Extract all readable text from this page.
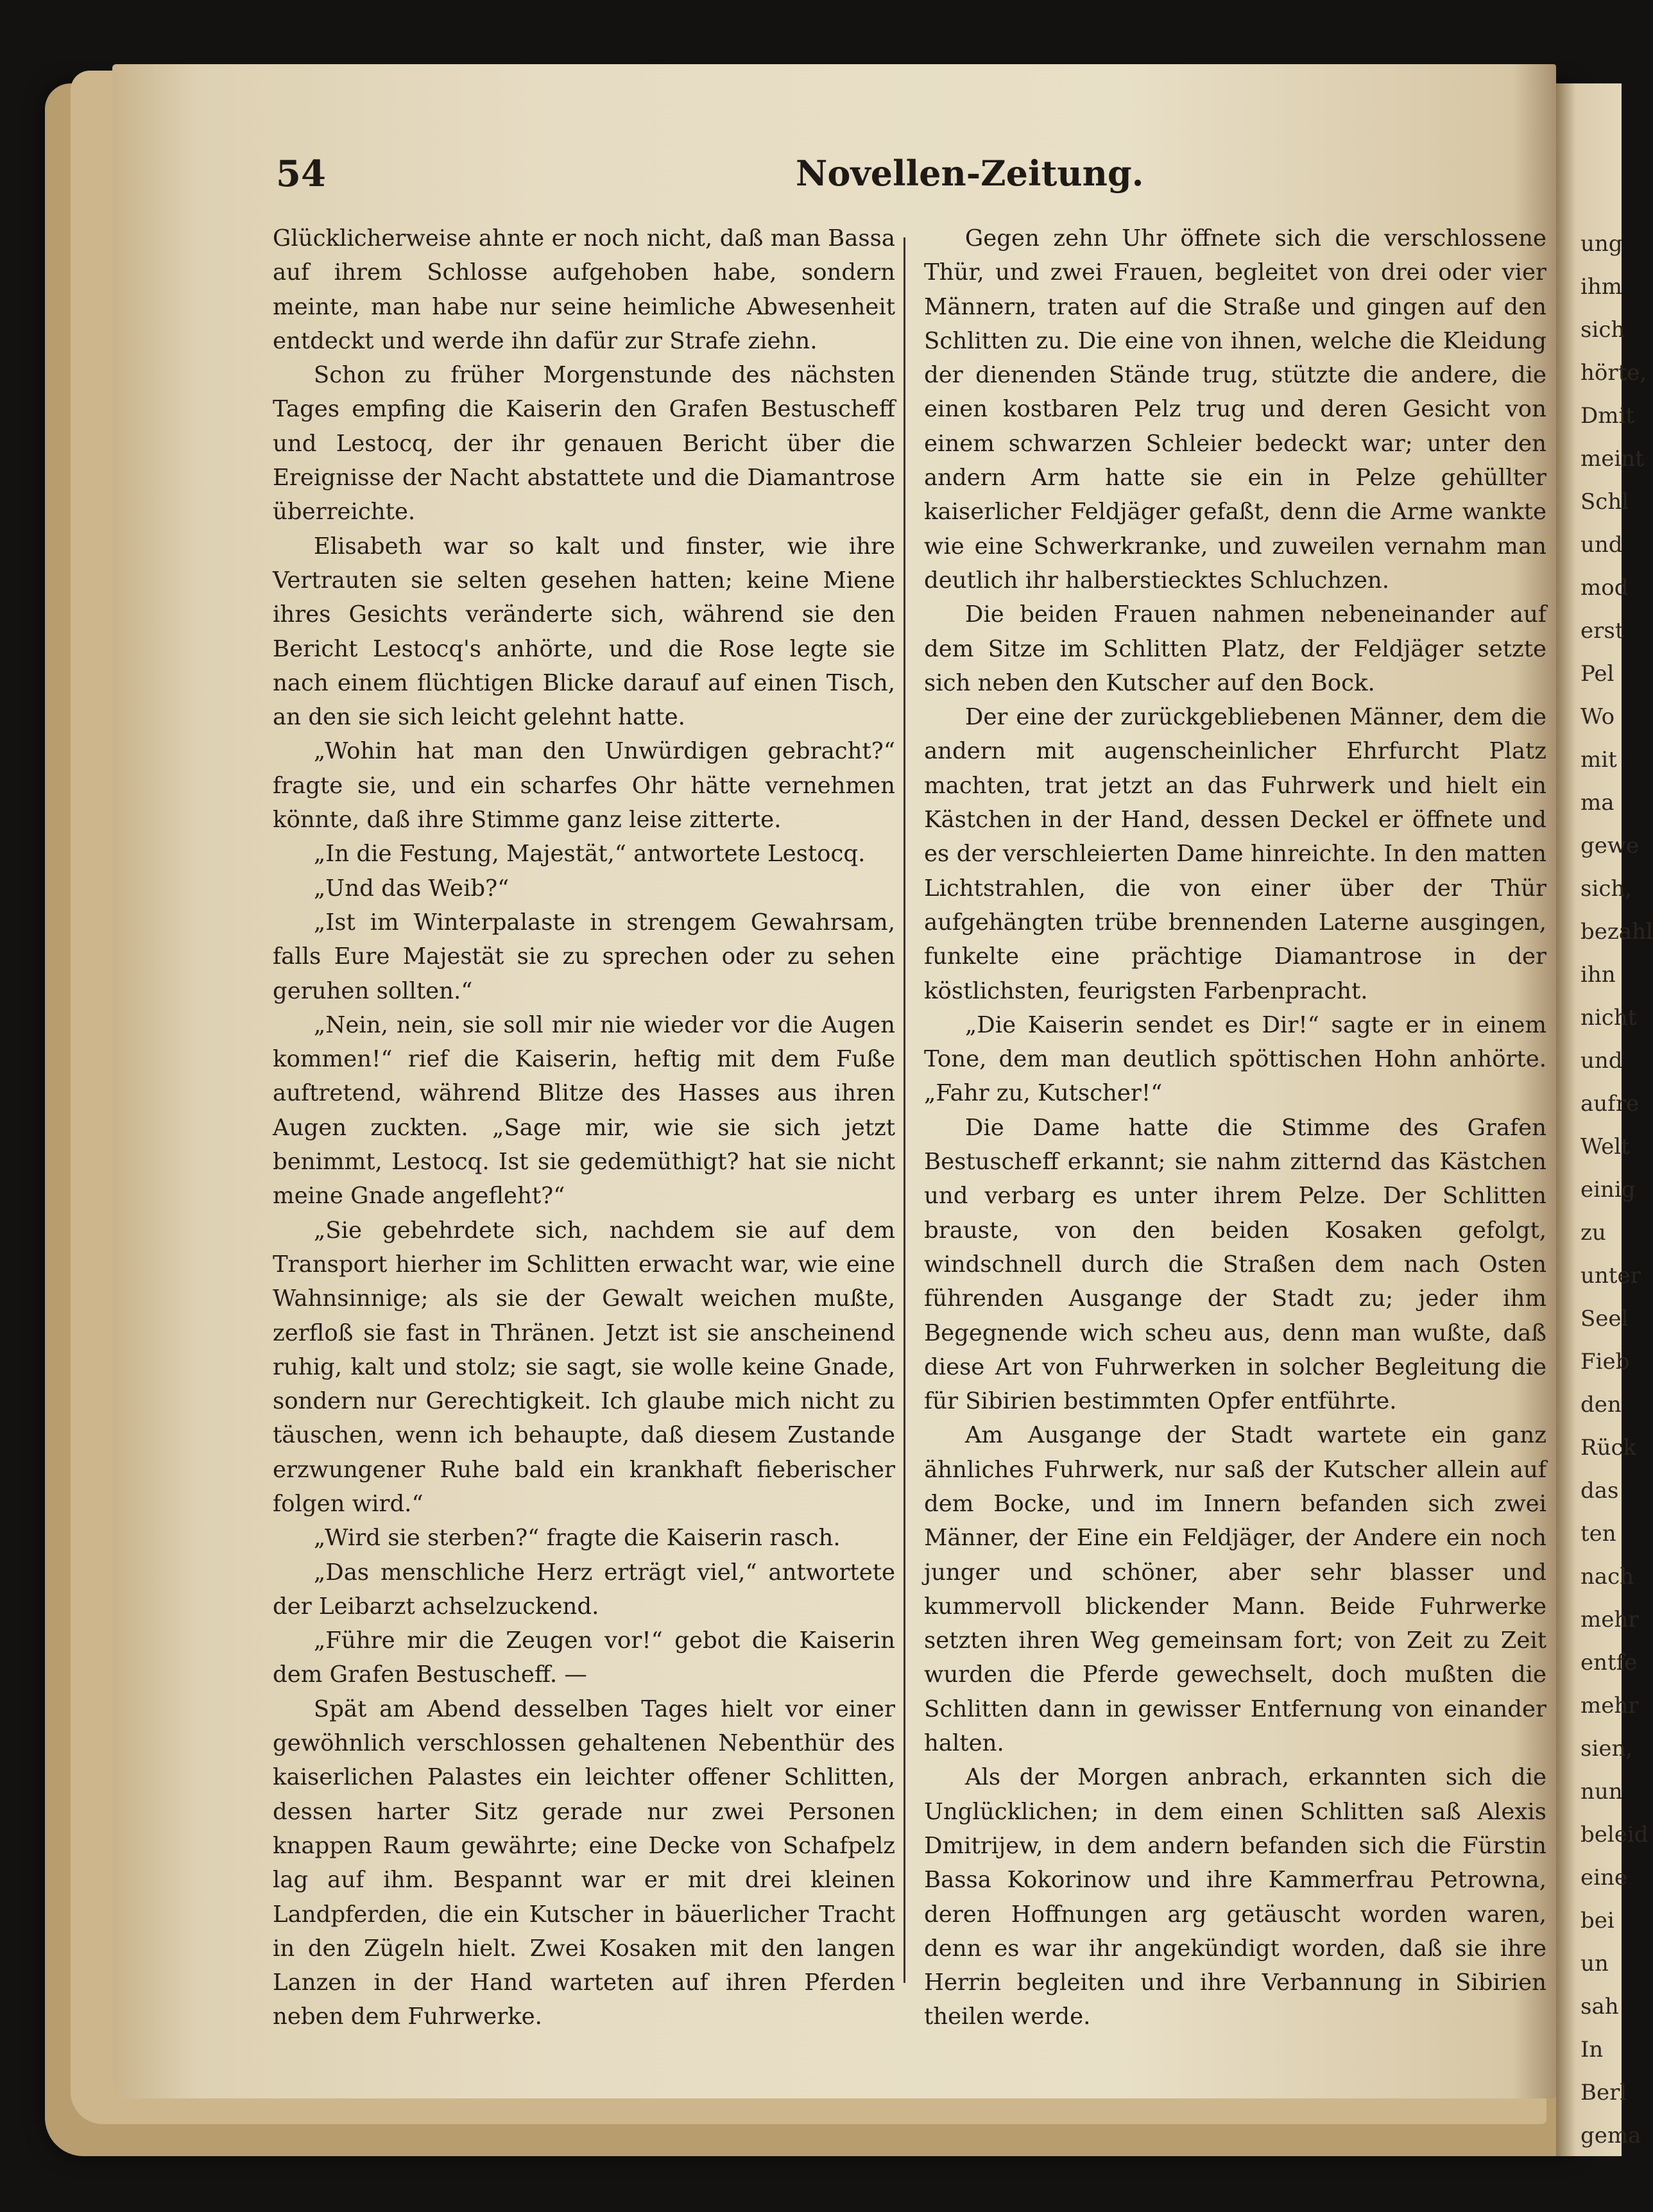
ung
ihm
sich
hörte,
Dmit
meint
Schl
und
mod
erst
Pel
Wo
mit
ma
gewe
sich,
bezahl
ihn
nicht
und
aufre
Welt
einig
zu
unter
Seel
Fieb
den
Rück
das
ten
nach
mehr
entfe
mehr
sien,
nun
beleid
eine
bei
un
sah
In
Berl
gema
54	Novellen-Zeitung.

Glücklicherweise ahnte er noch nicht, daß man Bassa auf ihrem Schlosse aufgehoben habe, sondern meinte, man habe nur seine heimliche Abwesenheit entdeckt und werde ihn dafür zur Strafe ziehn.

Schon zu früher Morgenstunde des nächsten Tages empfing die Kaiserin den Grafen Bestuscheff und Lestocq, der ihr genauen Bericht über die Ereignisse der Nacht abstattete und die Diamantrose überreichte.

Elisabeth war so kalt und finster, wie ihre Vertrauten sie selten gesehen hatten; keine Miene ihres Gesichts veränderte sich, während sie den Bericht Lestocq's anhörte, und die Rose legte sie nach einem flüchtigen Blicke darauf auf einen Tisch, an den sie sich leicht gelehnt hatte.

„Wohin hat man den Unwürdigen gebracht?“ fragte sie, und ein scharfes Ohr hätte vernehmen könnte, daß ihre Stimme ganz leise zitterte.

„In die Festung, Majestät,“ antwortete Lestocq.

„Und das Weib?“

„Ist im Winterpalaste in strengem Gewahrsam, falls Eure Majestät sie zu sprechen oder zu sehen geruhen sollten.“

„Nein, nein, sie soll mir nie wieder vor die Augen kommen!“ rief die Kaiserin, heftig mit dem Fuße auftretend, während Blitze des Hasses aus ihren Augen zuckten. „Sage mir, wie sie sich jetzt benimmt, Lestocq. Ist sie gedemüthigt? hat sie nicht meine Gnade angefleht?“

„Sie gebehrdete sich, nachdem sie auf dem Transport hierher im Schlitten erwacht war, wie eine Wahnsinnige; als sie der Gewalt weichen mußte, zerfloß sie fast in Thränen. Jetzt ist sie anscheinend ruhig, kalt und stolz; sie sagt, sie wolle keine Gnade, sondern nur Gerechtigkeit. Ich glaube mich nicht zu täuschen, wenn ich behaupte, daß diesem Zustande erzwungener Ruhe bald ein krankhaft fieberischer folgen wird.“

„Wird sie sterben?“ fragte die Kaiserin rasch.

„Das menschliche Herz erträgt viel,“ antwortete der Leibarzt achselzuckend.

„Führe mir die Zeugen vor!“ gebot die Kaiserin dem Grafen Bestuscheff. —

Spät am Abend desselben Tages hielt vor einer gewöhnlich verschlossen gehaltenen Nebenthür des kaiserlichen Palastes ein leichter offener Schlitten, dessen harter Sitz gerade nur zwei Personen knappen Raum gewährte; eine Decke von Schafpelz lag auf ihm. Bespannt war er mit drei kleinen Landpferden, die ein Kutscher in bäuerlicher Tracht in den Zügeln hielt. Zwei Kosaken mit den langen Lanzen in der Hand warteten auf ihren Pferden neben dem Fuhrwerke.

Gegen zehn Uhr öffnete sich die verschlossene Thür, und zwei Frauen, begleitet von drei oder vier Männern, traten auf die Straße und gingen auf den Schlitten zu. Die eine von ihnen, welche die Kleidung der dienenden Stände trug, stützte die andere, die einen kostbaren Pelz trug und deren Gesicht von einem schwarzen Schleier bedeckt war; unter den andern Arm hatte sie ein in Pelze gehüllter kaiserlicher Feldjäger gefaßt, denn die Arme wankte wie eine Schwerkranke, und zuweilen vernahm man deutlich ihr halberstiecktes Schluchzen.

Die beiden Frauen nahmen nebeneinander auf dem Sitze im Schlitten Platz, der Feldjäger setzte sich neben den Kutscher auf den Bock.

Der eine der zurückgebliebenen Männer, dem die andern mit augenscheinlicher Ehrfurcht Platz machten, trat jetzt an das Fuhrwerk und hielt ein Kästchen in der Hand, dessen Deckel er öffnete und es der verschleierten Dame hinreichte. In den matten Lichtstrahlen, die von einer über der Thür aufgehängten trübe brennenden Laterne ausgingen, funkelte eine prächtige Diamantrose in der köstlichsten, feurigsten Farbenpracht.

„Die Kaiserin sendet es Dir!“ sagte er in einem Tone, dem man deutlich spöttischen Hohn anhörte. „Fahr zu, Kutscher!“

Die Dame hatte die Stimme des Grafen Bestuscheff erkannt; sie nahm zitternd das Kästchen und verbarg es unter ihrem Pelze. Der Schlitten brauste, von den beiden Kosaken gefolgt, windschnell durch die Straßen dem nach Osten führenden Ausgange der Stadt zu; jeder ihm Begegnende wich scheu aus, denn man wußte, daß diese Art von Fuhrwerken in solcher Begleitung die für Sibirien bestimmten Opfer entführte.

Am Ausgange der Stadt wartete ein ganz ähnliches Fuhrwerk, nur saß der Kutscher allein auf dem Bocke, und im Innern befanden sich zwei Männer, der Eine ein Feldjäger, der Andere ein noch junger und schöner, aber sehr blasser und kummervoll blickender Mann. Beide Fuhrwerke setzten ihren Weg gemeinsam fort; von Zeit zu Zeit wurden die Pferde gewechselt, doch mußten die Schlitten dann in gewisser Entfernung von einander halten.

Als der Morgen anbrach, erkannten sich die Unglücklichen; in dem einen Schlitten saß Alexis Dmitrijew, in dem andern befanden sich die Fürstin Bassa Kokorinow und ihre Kammerfrau Petrowna, deren Hoffnungen arg getäuscht worden waren, denn es war ihr angekündigt worden, daß sie ihre Herrin begleiten und ihre Verbannung in Sibirien theilen werde.
